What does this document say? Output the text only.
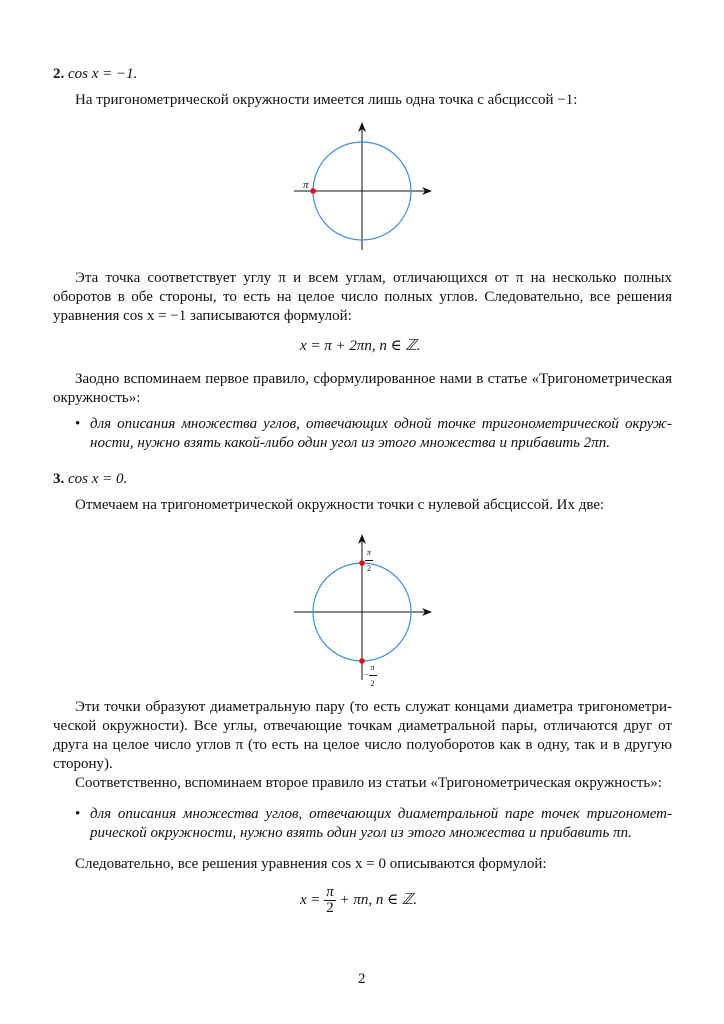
2. cos x = −1.
На тригонометрической окружности имеется лишь одна точка с абсциссой −1:
π
Эта точка соответствует углу π и всем углам, отличающихся от π на несколько полных
оборотов в обе стороны, то есть на целое число полных углов. Следовательно, все решения
уравнения cos x = −1 записываются формулой:
x = π + 2πn, n ∈ ℤ.
Заодно вспоминаем первое правило, сформулированное нами в статье «Тригонометрическая
окружность»:
• для описания множества углов, отвечающих одной точке тригонометрической окруж-
ности, нужно взять какой-либо один угол из этого множества и прибавить 2πn.
3. cos x = 0.
Отмечаем на тригонометрической окружности точки с нулевой абсциссой. Их две:
$\frac{\pi}{2}$
− $\frac{\pi}{2}$
Эти точки образуют диаметральную пару (то есть служат концами диаметра тригонометри-
ческой окружности). Все углы, отвечающие точкам диаметральной пары, отличаются друг от
друга на целое число углов π (то есть на целое число полуоборотов как в одну, так и в другую
сторону).
Соответственно, вспоминаем второе правило из статьи «Тригонометрическая окружность»:
• для описания множества углов, отвечающих диаметральной паре точек тригономет-
рической окружности, нужно взять один угол из этого множества и прибавить πn.
Следовательно, все решения уравнения cos x = 0 описываются формулой:
$x = \frac{\pi}{2} + \pi n$, n ∈ ℤ.
2
